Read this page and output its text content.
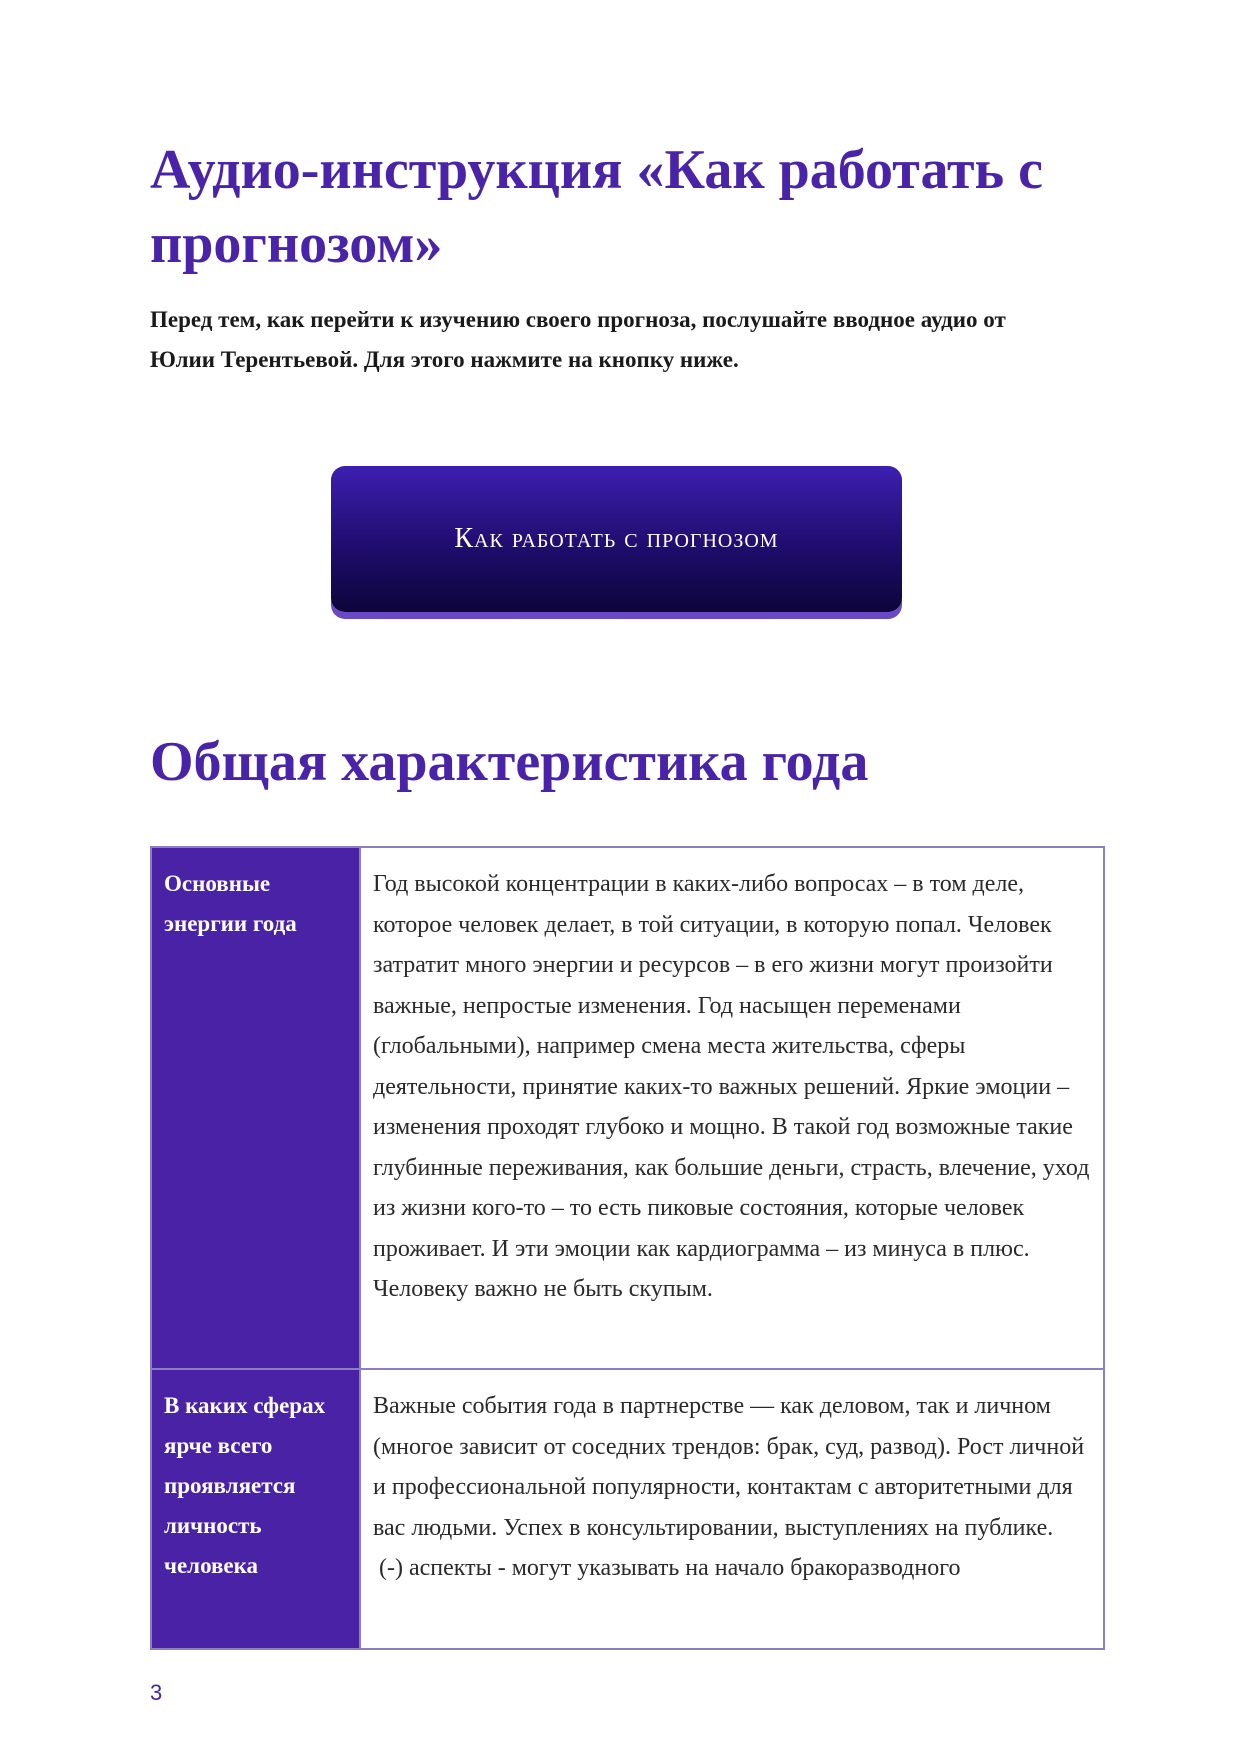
Аудио-инструкция «Как работать с прогнозом»

Перед тем, как перейти к изучению своего прогноза, послушайте вводное аудио от Юлии Терентьевой. Для этого нажмите на кнопку ниже.

Как работать с прогнозом
Общая характеристика года
Основные энергии года	Год высокой концентрации в каких-либо вопросах – в том деле, которое человек делает, в той ситуации, в которую попал. Человек затратит много энергии и ресурсов – в его жизни могут произойти важные, непростые изменения. Год насыщен переменами (глобальными), например смена места жительства, сферы деятельности, принятие каких-то важных решений. Яркие эмоции – изменения проходят глубоко и мощно. В такой год возможные такие глубинные переживания, как большие деньги, страсть, влечение, уход из жизни кого-то – то есть пиковые состояния, которые человек проживает. И эти эмоции как кардиограмма – из минуса в плюс. Человеку важно не быть скупым.
В каких сферах ярче всего проявляется личность человека	Важные события года в партнерстве — как деловом, так и личном (многое зависит от соседних трендов: брак, суд, развод). Рост личной и профессиональной популярности, контактам с авторитетными для вас людьми. Успех в консультировании, выступлениях на публике.
(-) аспекты - могут указывать на начало бракоразводного
3
